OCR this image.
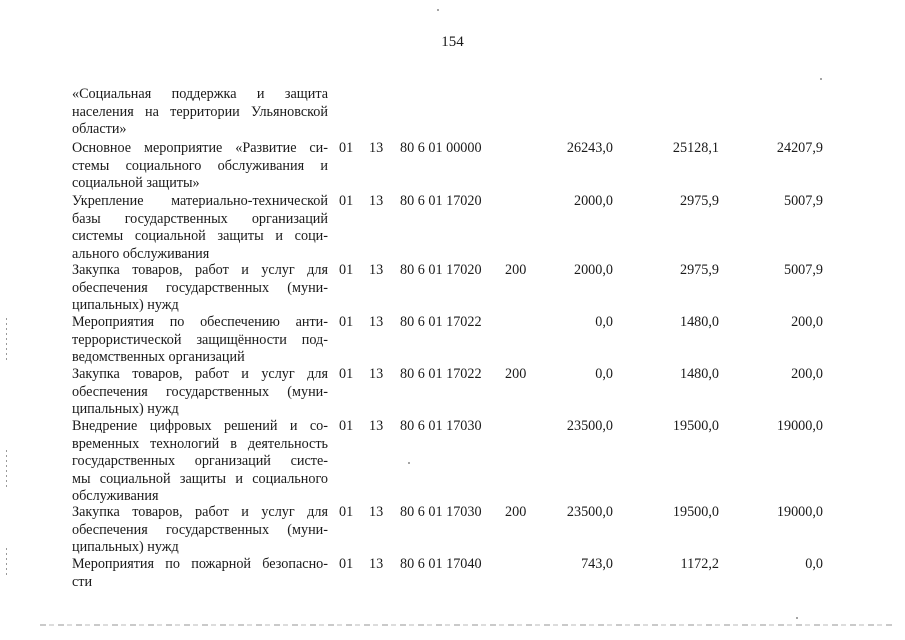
154
«Социальная поддержка и защита
населения на территории Ульяновской
области»
Основное мероприятие «Развитие си-
стемы социального обслуживания и
социальной защиты»
01 13 80 6 01 00000	26243,0	25128,1	24207,9
Укрепление материально-технической
базы государственных организаций
системы социальной защиты и соци-
ального обслуживания
01 13 80 6 01 17020	2000,0	2975,9	5007,9
Закупка товаров, работ и услуг для
обеспечения государственных (муни-
ципальных) нужд
01 13 80 6 01 17020 200	2000,0	2975,9	5007,9
Мероприятия по обеспечению анти-
террористической защищённости под-
ведомственных организаций
01 13 80 6 01 17022	0,0	1480,0	200,0
Закупка товаров, работ и услуг для
обеспечения государственных (муни-
ципальных) нужд
01 13 80 6 01 17022 200	0,0	1480,0	200,0
Внедрение цифровых решений и со-
временных технологий в деятельность
государственных организаций систе-
мы социальной защиты и социального
обслуживания
01 13 80 6 01 17030	23500,0	19500,0	19000,0
Закупка товаров, работ и услуг для
обеспечения государственных (муни-
ципальных) нужд
01 13 80 6 01 17030 200	23500,0	19500,0	19000,0
Мероприятия по пожарной безопасно-
сти
01 13 80 6 01 17040	743,0	1172,2	0,0
